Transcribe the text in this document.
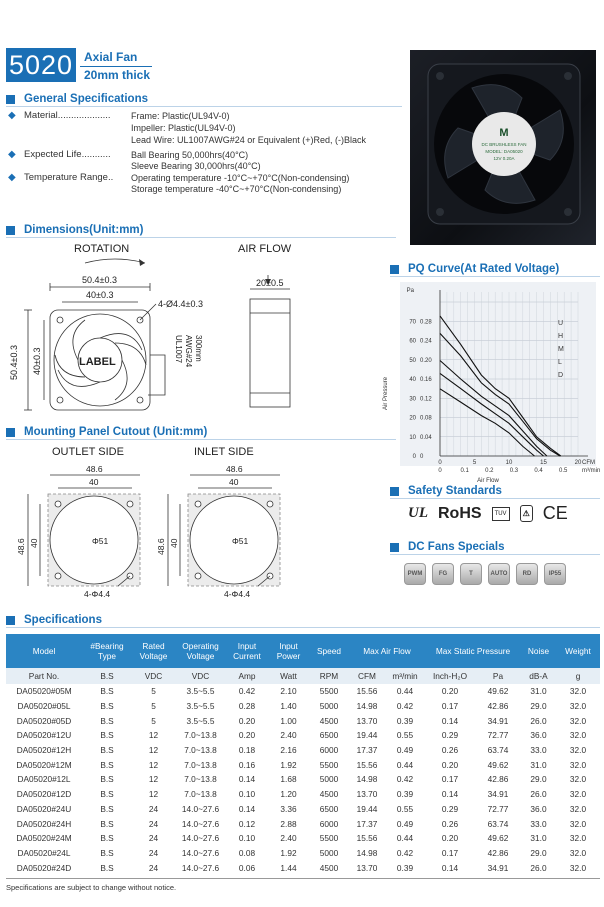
5020 Axial Fan
20mm thick
M
DC BRUSHLESS FAN
MODEL: DA05020
12V 0.20A
General Specifications
◆ Material.................... Frame: Plastic(UL94V-0)
Impeller: Plastic(UL94V-0)
Lead Wire: UL1007AWG#24 or Equivalent (+)Red, (-)Black
◆ Expected Life........... Ball Bearing 50,000hrs(40°C)
Sleeve Bearing 30,000hrs(40°C)
◆ Temperature Range.. Operating temperature -10°C~+70°C(Non-condensing)
Storage temperature -40°C~+70°C(Non-condensing)
Dimensions(Unit:mm)
ROTATION	AIR FLOW
50.4±0.3
40±0.3
4-Ø4.4±0.3
LABEL
50.4±0.3 40±0.3	UL1007 AWG#24 300mm
20±0.5
Mounting Panel Cutout (Unit:mm)
OUTLET SIDE	INLET SIDE
48.6
40
Φ51
48.6 40
4-Φ4.4
48.6
40
Φ51
48.6 40
4-Φ4.4
PQ Curve(At Rated Voltage)
0 0
10 0.04
20 0.08
30 0.12
40 0.16
50 0.20
60 0.24
70 0.28
0	5	10	15	20
0	0.1	0.2	0.3	0.4	0.5
CFM
m³/min
Pa
Air Flow
Air Pressure
U
H
M
L
D
Safety Standards
UL RoHS	TUV	⚠ CE
DC Fans Specials
PWM	FG	T	AUTO	RD	IP55
Specifications
Model	#Bearing Type	Rated Voltage	Operating Voltage	Input Current	Input Power	Speed	Max Air Flow		Max Static Pressure		Noise	Weight
Part No.	B.S	VDC	VDC	Amp	Watt	RPM	CFM	m³/min	Inch-H₂O	Pa	dB-A	g
DA05020#05M	B.S	5	3.5~5.5	0.42	2.10	5500	15.56	0.44	0.20	49.62	31.0	32.0
DA05020#05L	B.S	5	3.5~5.5	0.28	1.40	5000	14.98	0.42	0.17	42.86	29.0	32.0
DA05020#05D	B.S	5	3.5~5.5	0.20	1.00	4500	13.70	0.39	0.14	34.91	26.0	32.0
DA05020#12U	B.S	12	7.0~13.8	0.20	2.40	6500	19.44	0.55	0.29	72.77	36.0	32.0
DA05020#12H	B.S	12	7.0~13.8	0.18	2.16	6000	17.37	0.49	0.26	63.74	33.0	32.0
DA05020#12M	B.S	12	7.0~13.8	0.16	1.92	5500	15.56	0.44	0.20	49.62	31.0	32.0
DA05020#12L	B.S	12	7.0~13.8	0.14	1.68	5000	14.98	0.42	0.17	42.86	29.0	32.0
DA05020#12D	B.S	12	7.0~13.8	0.10	1.20	4500	13.70	0.39	0.14	34.91	26.0	32.0
DA05020#24U	B.S	24	14.0~27.6	0.14	3.36	6500	19.44	0.55	0.29	72.77	36.0	32.0
DA05020#24H	B.S	24	14.0~27.6	0.12	2.88	6000	17.37	0.49	0.26	63.74	33.0	32.0
DA05020#24M	B.S	24	14.0~27.6	0.10	2.40	5500	15.56	0.44	0.20	49.62	31.0	32.0
DA05020#24L	B.S	24	14.0~27.6	0.08	1.92	5000	14.98	0.42	0.17	42.86	29.0	32.0
DA05020#24D	B.S	24	14.0~27.6	0.06	1.44	4500	13.70	0.39	0.14	34.91	26.0	32.0
Specifications are subject to change without notice.
